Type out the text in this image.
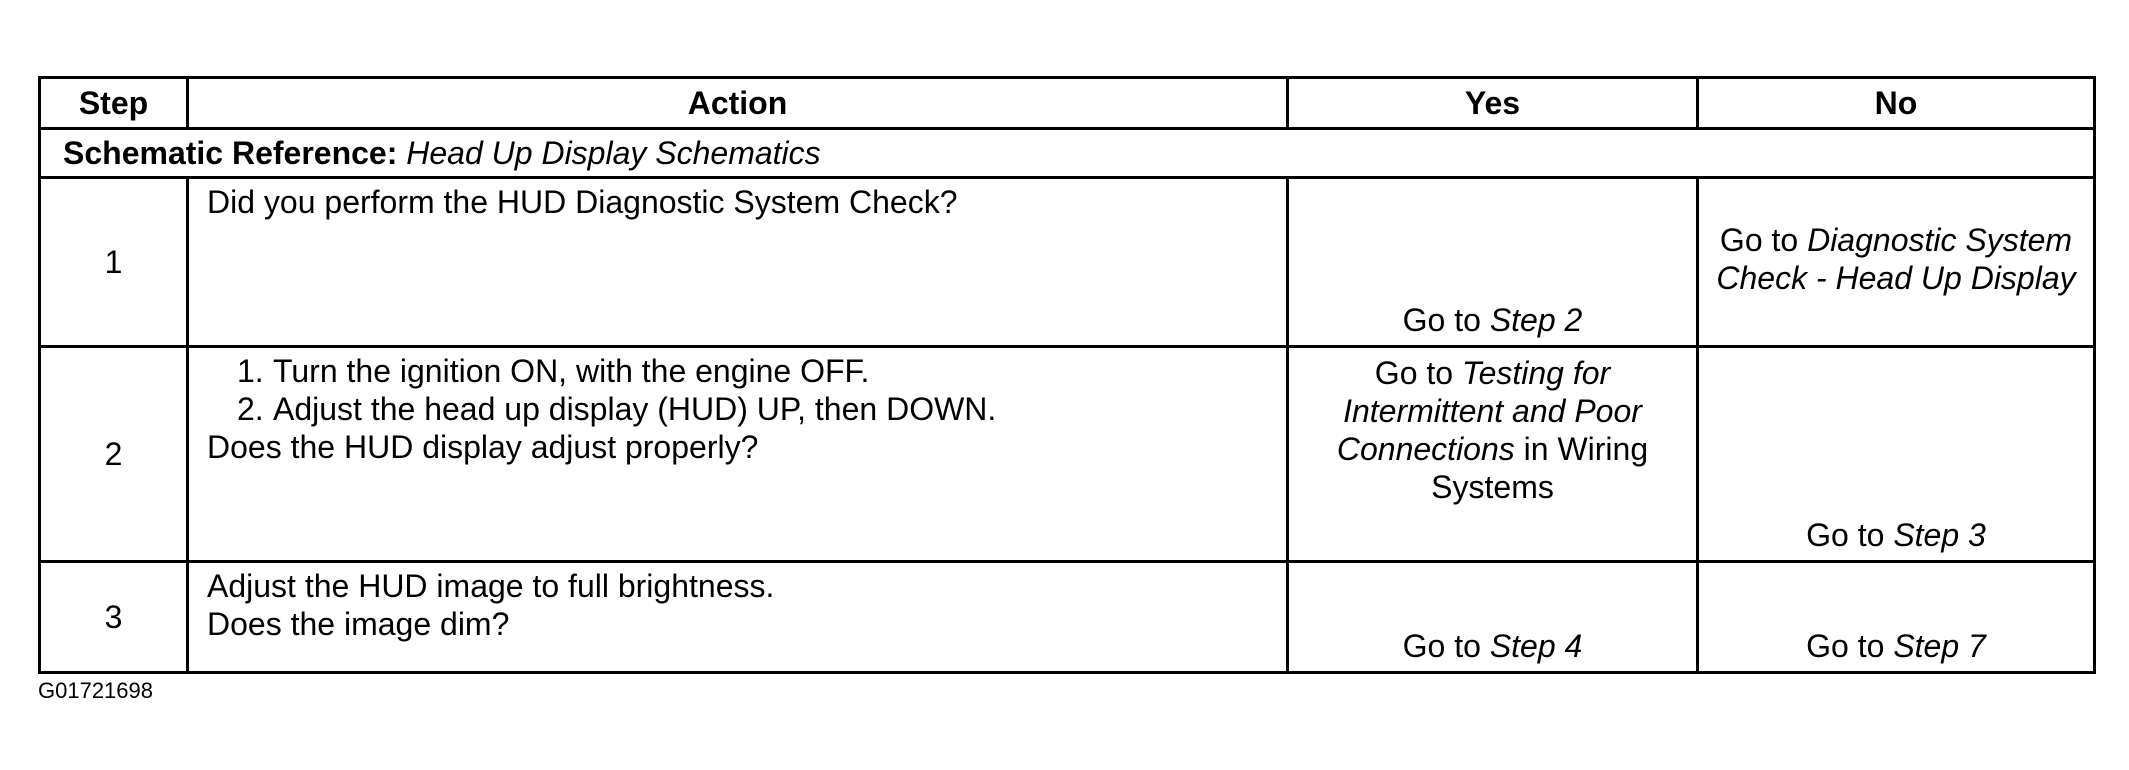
Step	Action	Yes	No
Schematic Reference: Head Up Display Schematics			
1	Did you perform the HUD Diagnostic System Check?	Go to Step 2	Go to Diagnostic System Check - Head Up Display
2	1. Turn the ignition ON, with the engine OFF.
2. Adjust the head up display (HUD) UP, then DOWN.
Does the HUD display adjust properly?	Go to Testing for Intermittent and Poor Connections in Wiring Systems	Go to Step 3
3	Adjust the HUD image to full brightness.
Does the image dim?	Go to Step 4	Go to Step 7
G01721698
